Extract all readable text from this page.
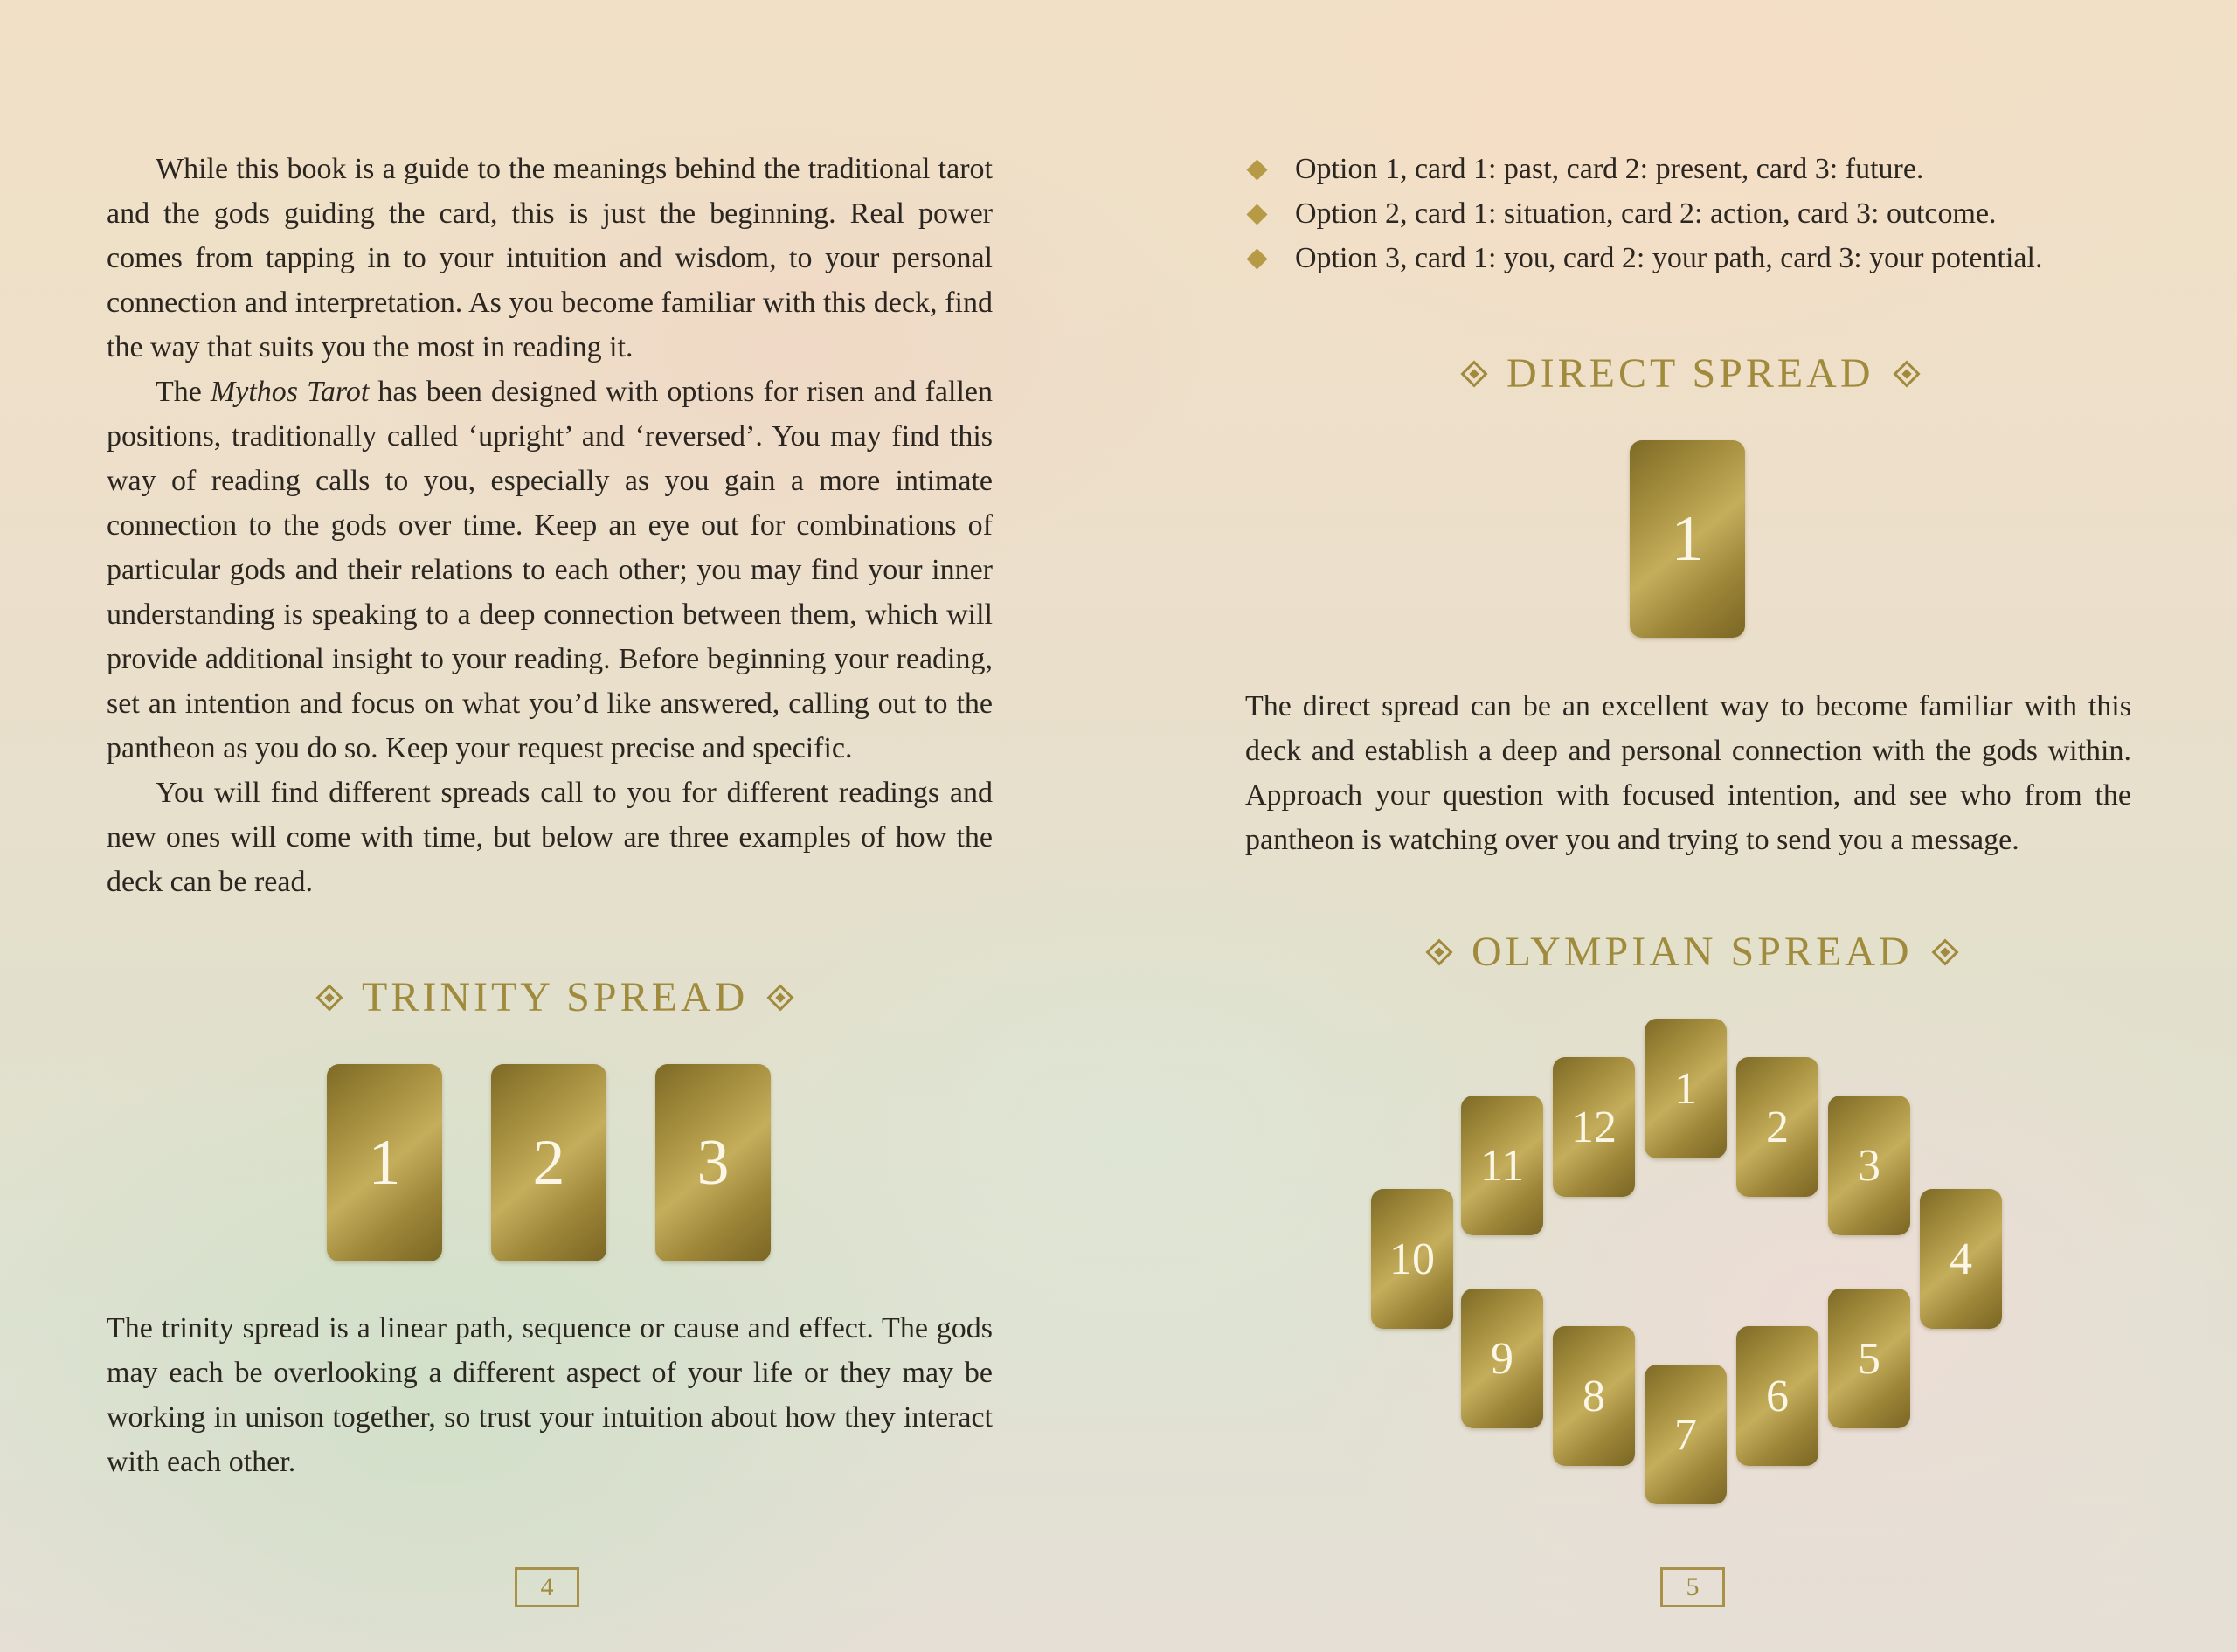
While this book is a guide to the meanings behind the traditional tarot and the gods guiding the card, this is just the beginning. Real power comes from tapping in to your intuition and wisdom, to your personal connection and interpretation. As you become familiar with this deck, find the way that suits you the most in reading it.

The Mythos Tarot has been designed with options for risen and fallen positions, traditionally called ‘upright’ and ‘reversed’. You may find this way of reading calls to you, especially as you gain a more intimate connection to the gods over time. Keep an eye out for combinations of particular gods and their relations to each other; you may find your inner understanding is speaking to a deep connection between them, which will provide additional insight to your reading. Before beginning your reading, set an intention and focus on what you’d like answered, calling out to the pantheon as you do so. Keep your request precise and specific.

You will find different spreads call to you for different readings and new ones will come with time, but below are three examples of how the deck can be read.

TRINITY SPREAD
1	2	3
The trinity spread is a linear path, sequence or cause and effect. The gods may each be overlooking a different aspect of your life or they may be working in unison together, so trust your intuition about how they interact with each other.
4
Option 1, card 1: past, card 2: present, card 3: future.
Option 2, card 1: situation, card 2: action, card 3: outcome.
Option 3, card 1: you, card 2: your path, card 3: your potential.
DIRECT SPREAD
1
The direct spread can be an excellent way to become familiar with this deck and establish a deep and personal connection with the gods within. Approach your question with focused intention, and see who from the pantheon is watching over you and trying to send you a message.
OLYMPIAN SPREAD
1
2
3
4
5
6
7
8
9
10
11
12
5
